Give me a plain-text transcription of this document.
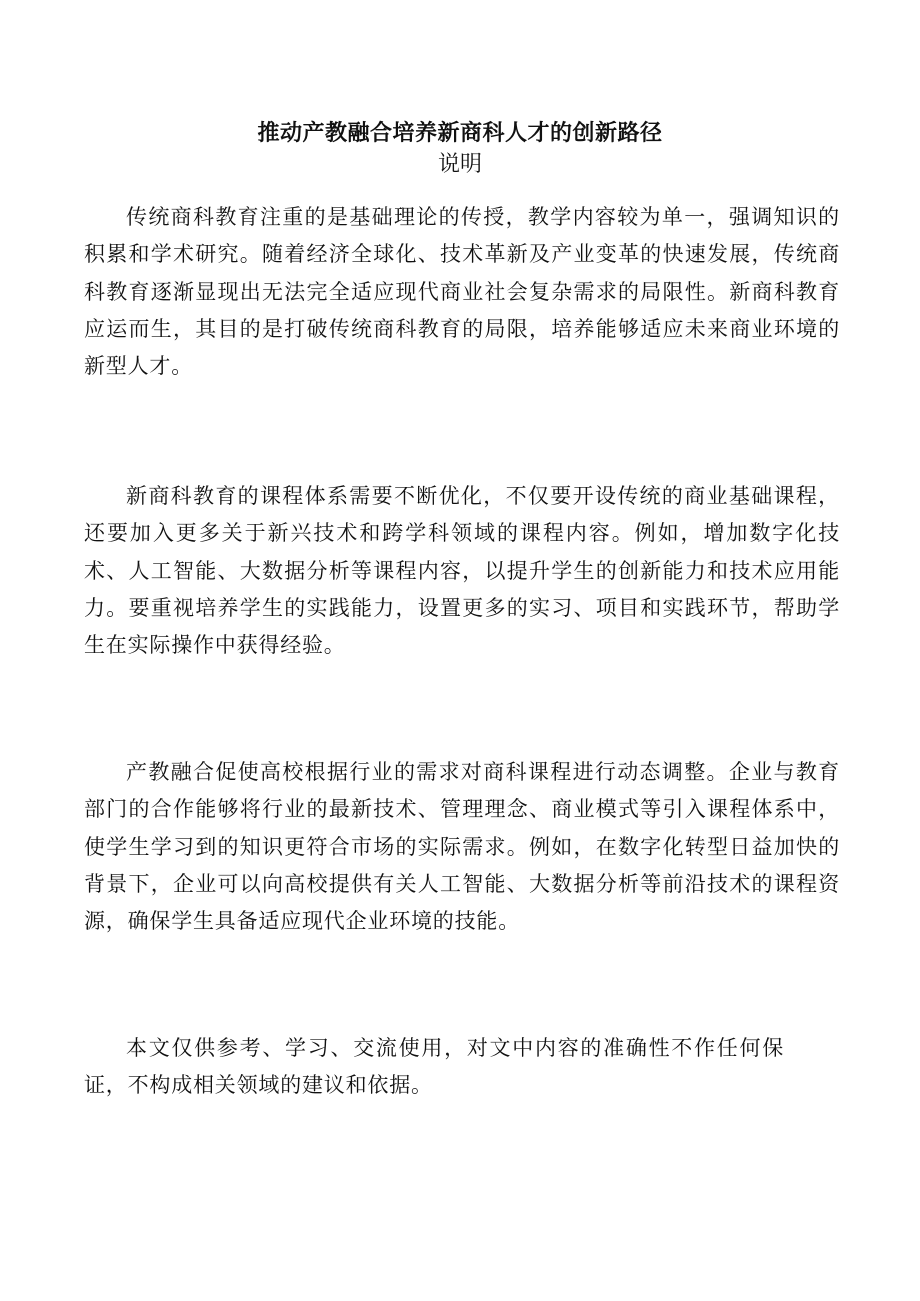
推动产教融合培养新商科人才的创新路径
说明

传统商科教育注重的是基础理论的传授，教学内容较为单一，强调知识的积累和学术研究。随着经济全球化、技术革新及产业变革的快速发展，传统商科教育逐渐显现出无法完全适应现代商业社会复杂需求的局限性。新商科教育应运而生，其目的是打破传统商科教育的局限，培养能够适应未来商业环境的新型人才。

新商科教育的课程体系需要不断优化，不仅要开设传统的商业基础课程，还要加入更多关于新兴技术和跨学科领域的课程内容。例如，增加数字化技术、人工智能、大数据分析等课程内容，以提升学生的创新能力和技术应用能力。要重视培养学生的实践能力，设置更多的实习、项目和实践环节，帮助学生在实际操作中获得经验。

产教融合促使高校根据行业的需求对商科课程进行动态调整。企业与教育部门的合作能够将行业的最新技术、管理理念、商业模式等引入课程体系中，使学生学习到的知识更符合市场的实际需求。例如，在数字化转型日益加快的背景下，企业可以向高校提供有关人工智能、大数据分析等前沿技术的课程资源，确保学生具备适应现代企业环境的技能。

本文仅供参考、学习、交流使用，对文中内容的准确性不作任何保证，不构成相关领域的建议和依据。
